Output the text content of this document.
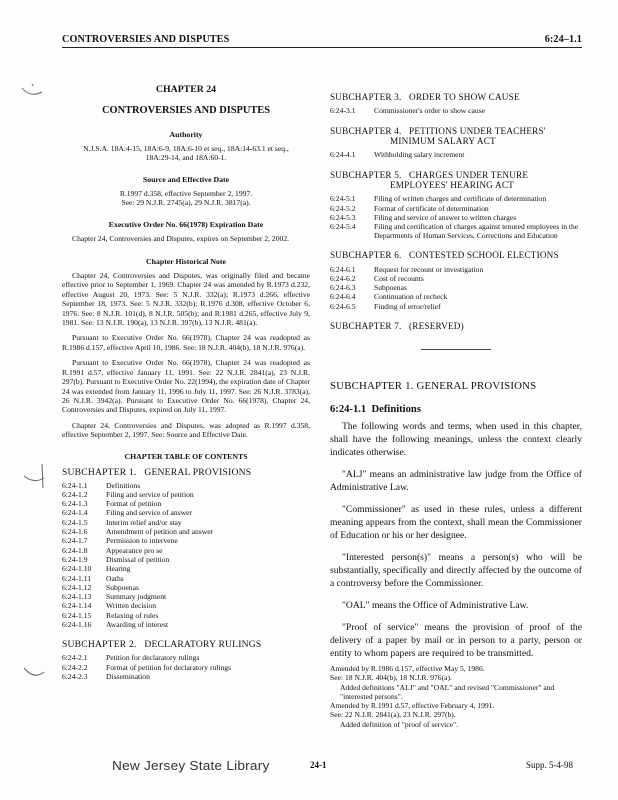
CONTROVERSIES AND DISPUTES	6:24–1.1
CHAPTER 24
CONTROVERSIES AND DISPUTES
Authority

N.J.S.A. 18A:4-15, 18A:6-9, 18A:6-10 et seq., 18A:14-63.1 et seq., 18A:29-14, and 18A:60-1.

Source and Effective Date

R.1997 d.358, effective September 2, 1997.

See: 29 N.J.R. 2745(a), 29 N.J.R. 3817(a).

Executive Order No. 66(1978) Expiration Date

Chapter 24, Controversies and Disputes, expires on September 2, 2002.

Chapter Historical Note

Chapter 24, Controversies and Disputes, was originally filed and became effective prior to September 1, 1969. Chapter 24 was amended by R.1973 d.232, effective August 20, 1973. See: 5 N.J.R. 332(a); R.1973 d.266, effective September 18, 1973. See: 5 N.J.R. 332(b); R.1976 d.308, effective October 6, 1976. See: 8 N.J.R. 101(d), 8 N.J.R. 505(b); and R.1981 d.265, effective July 9, 1981. See: 13 N.J.R. 190(a), 13 N.J.R. 397(b), 13 N.J.R. 481(a).

Pursuant to Executive Order No. 66(1978), Chapter 24 was readopted as R.1986 d.157, effective April 10, 1986. See: 18 N.J.R. 404(b), 18 N.J.R. 976(a).

Pursuant to Executive Order No. 66(1978), Chapter 24 was readopted as R.1991 d.57, effective January 11, 1991. See: 22 N.J.R. 2841(a), 23 N.J.R. 297(b). Pursuant to Executive Order No. 22(1994), the expiration date of Chapter 24 was extended from January 11, 1996 to July 11, 1997. See: 26 N.J.R. 3783(a), 26 N.J.R. 3942(a). Pursuant to Executive Order No. 66(1978), Chapter 24, Controversies and Disputes, expired on July 11, 1997.

Chapter 24, Controversies and Disputes, was adopted as R.1997 d.358, effective September 2, 1997. See: Source and Effective Date.

CHAPTER TABLE OF CONTENTS
SUBCHAPTER 1.   GENERAL PROVISIONS
6:24-1.1 Definitions
6:24-1.2 Filing and service of petition
6:24-1.3 Format of petition
6:24-1.4 Filing and service of answer
6:24-1.5 Interim relief and/or stay
6:24-1.6 Amendment of petition and answer
6:24-1.7 Permission to intervene
6:24-1.8 Appearance pro se
6:24-1.9 Dismissal of petition
6:24-1.10 Hearing
6:24-1.11 Oaths
6:24-1.12 Subpoenas
6:24-1.13 Summary judgment
6:24-1.14 Written decision
6:24-1.15 Relaxing of rules
6:24-1.16 Awarding of interest
SUBCHAPTER 2.   DECLARATORY RULINGS
6:24-2.1 Petition for declaratory rulings
6:24-2.2 Format of petition for declaratory rulings
6:24-2.3 Dissemination
SUBCHAPTER 3.   ORDER TO SHOW CAUSE
6:24-3.1 Commissioner's order to show cause
SUBCHAPTER 4.   PETITIONS UNDER TEACHERS'
MINIMUM SALARY ACT
6:24-4.1 Withholding salary increment
SUBCHAPTER 5.   CHARGES UNDER TENURE
EMPLOYEES' HEARING ACT
6:24-5.1 Filing of written charges and certificate of determination
6:24-5.2 Format of certificate of determination
6:24-5.3 Filing and service of answer to written charges
6:24-5.4 Filing and certification of charges against tenured employees in the Departments of Human Services, Corrections and Education
SUBCHAPTER 6.   CONTESTED SCHOOL ELECTIONS
6:24-6.1 Request for recount or investigation
6:24-6.2 Cost of recounts
6:24-6.3 Subpoenas
6:24-6.4 Continuation of recheck
6:24-6.5 Finding of error/relief
SUBCHAPTER 7.   (RESERVED)
SUBCHAPTER 1. GENERAL PROVISIONS
6:24-1.1 Definitions

The following words and terms, when used in this chapter, shall have the following meanings, unless the context clearly indicates otherwise.

"ALJ" means an administrative law judge from the Office of Administrative Law.

"Commissioner" as used in these rules, unless a different meaning appears from the context, shall mean the Commissioner of Education or his or her designee.

"Interested person(s)" means a person(s) who will be substantially, specifically and directly affected by the outcome of a controversy before the Commissioner.

"OAL" means the Office of Administrative Law.

"Proof of service" means the provision of proof of the delivery of a paper by mail or in person to a party, person or entity to whom papers are required to be transmitted.

Amended by R.1986 d.157, effective May 5, 1986.
See: 18 N.J.R. 404(b), 18 N.J.R. 976(a).
Added definitions "ALJ" and "OAL" and revised "Commissioner" and "interested persons".
Amended by R.1991 d.57, effective February 4, 1991.
See: 22 N.J.R. 2841(a), 23 N.J.R. 297(b).
Added definition of "proof of service".
New Jersey State Library	24-1	Supp. 5-4-98
